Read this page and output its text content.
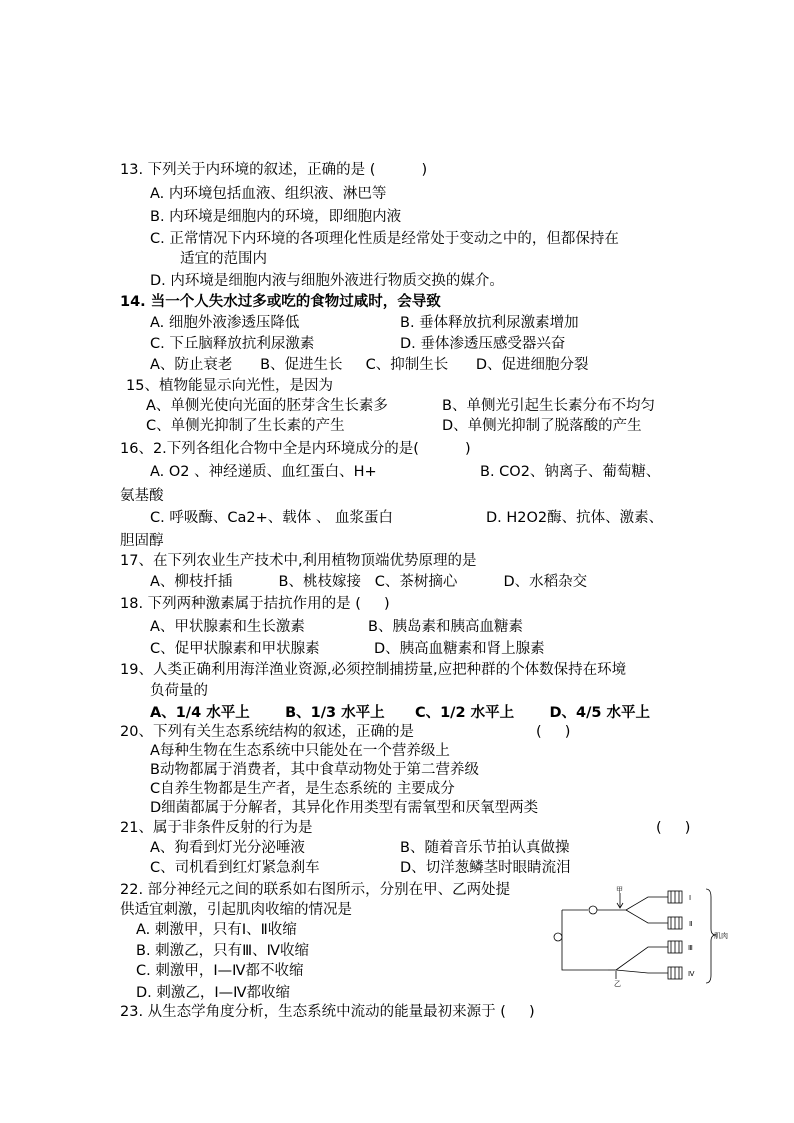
13. 下列关于内环境的叙述，正确的是 (          )
A. 内环境包括血液、组织液、淋巴等
B. 内环境是细胞内的环境，即细胞内液
C. 正常情况下内环境的各项理化性质是经常处于变动之中的，但都保持在
适宜的范围内
D. 内环境是细胞内液与细胞外液进行物质交换的媒介。
14. 当一个人失水过多或吃的食物过咸时，会导致
A. 细胞外液渗透压降低	B. 垂体释放抗利尿激素增加
C. 下丘脑释放抗利尿激素	D. 垂体渗透压感受器兴奋
A、防止衰老      B、促进生长     C、抑制生长      D、促进细胞分裂
15、植物能显示向光性，是因为
A、单侧光使向光面的胚芽含生长素多	B、单侧光引起生长素分布不均匀
C、单侧光抑制了生长素的产生	D、单侧光抑制了脱落酸的产生
16、2.下列各组化合物中全是内环境成分的是(          )
A. O2 、神经递质、血红蛋白、H+	B. CO2、钠离子、葡萄糖、
氨基酸
C. 呼吸酶、Ca2+、载体 、 血浆蛋白	D. H2O2酶、抗体、激素、
胆固醇
17、在下列农业生产技术中,利用植物顶端优势原理的是
A、柳枝扦插          B、桃枝嫁接   C、茶树摘心          D、水稻杂交
18. 下列两种激素属于拮抗作用的是 (     )
A、甲状腺素和生长激素	B、胰岛素和胰高血糖素
C、促甲状腺素和甲状腺素	D、胰高血糖素和肾上腺素
19、人类正确利用海洋渔业资源,必须控制捕捞量,应把种群的个体数保持在环境
负荷量的
A、1/4 水平上       B、1/3 水平上      C、1/2 水平上       D、4/5 水平上
20、下列有关生态系统结构的叙述，正确的是	(     )
A每种生物在生态系统中只能处在一个营养级上
B动物都属于消费者，其中食草动物处于第二营养级
C自养生物都是生产者，是生态系统的 主要成分
D细菌都属于分解者，其异化作用类型有需氧型和厌氧型两类
21、属于非条件反射的行为是	(     )
A、狗看到灯光分泌唾液	B、随着音乐节拍认真做操
C、司机看到红灯紧急刹车	D、切洋葱鳞茎时眼睛流泪
22. 部分神经元之间的联系如右图所示，分别在甲、乙两处提
供适宜刺激，引起肌肉收缩的情况是
A. 刺激甲，只有Ⅰ、Ⅱ收缩
B. 刺激乙，只有Ⅲ、Ⅳ收缩
C. 刺激甲，Ⅰ—Ⅳ都不收缩
D. 刺激乙，Ⅰ—Ⅳ都收缩
甲
乙
Ⅰ
Ⅱ
Ⅲ
Ⅳ
肌肉
23. 从生态学角度分析，生态系统中流动的能量最初来源于 (     )
